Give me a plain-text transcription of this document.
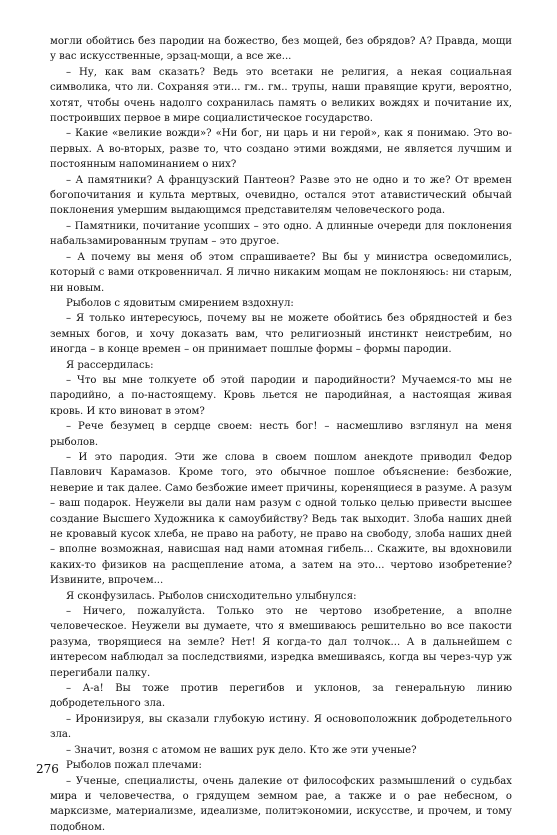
могли обойтись без пародии на божество, без мощей, без обрядов? А? Правда, мощи у вас искусственные, эрзац-мощи, а все же...

– Ну, как вам сказать? Ведь это всетаки не религия, а некая социальная символика, что ли. Сохраняя эти... гм.. гм.. трупы, наши правящие круги, вероятно, хотят, чтобы очень надолго сохранилась память о великих вождях и почитание их, построивших первое в мире социалистическое государство.

– Какие «великие вожди»? «Ни бог, ни царь и ни герой», как я понимаю. Это во-первых. А во-вторых, разве то, что создано этими вождями, не является лучшим и постоянным напоминанием о них?

– А памятники? А французский Пантеон? Разве это не одно и то же? От времен богопочитания и культа мертвых, очевидно, остался этот атавистический обычай поклонения умершим выдающимся представителям человеческого рода.

– Памятники, почитание усопших – это одно. А длинные очереди для поклонения набальзамированным трупам – это другое.

– А почему вы меня об этом спрашиваете? Вы бы у министра осведомились, который с вами откровенничал. Я лично никаким мощам не поклоняюсь: ни старым, ни новым.

Рыболов с ядовитым смирением вздохнул:

– Я только интересуюсь, почему вы не можете обойтись без обрядностей и без земных богов, и хочу доказать вам, что религиозный инстинкт неистребим, но иногда – в конце времен – он принимает пошлые формы – формы пародии.

Я рассердилась:

– Что вы мне толкуете об этой пародии и пародийности? Мучаемся-то мы не пародийно, а по-настоящему. Кровь льется не пародийная, а настоящая живая кровь. И кто виноват в этом?

– Рече безумец в сердце своем: несть бог! – насмешливо взглянул на меня рыболов.

– И это пародия. Эти же слова в своем пошлом анекдоте приводил Федор Павлович Карамазов. Кроме того, это обычное пошлое объяснение: безбожие, неверие и так далее. Само безбожие имеет причины, коренящиеся в разуме. А разум – ваш подарок. Неужели вы дали нам разум с одной только целью привести высшее создание Высшего Художника к самоубийству? Ведь так выходит. Злоба наших дней не кровавый кусок хлеба, не право на работу, не право на свободу, злоба наших дней – вполне возможная, нависшая над нами атомная гибель... Скажите, вы вдохновили каких-то физиков на расщепление атома, а затем на это... чертово изобретение? Извините, впрочем...

Я сконфузилась. Рыболов снисходительно улыбнулся:

– Ничего, пожалуйста. Только это не чертово изобретение, а вполне человеческое. Неужели вы думаете, что я вмешиваюсь решительно во все пакости разума, творящиеся на земле? Нет! Я когда-то дал толчок... А в дальнейшем с интересом наблюдал за последствиями, изредка вмешиваясь, когда вы через-чур уж перегибали палку.

– А-а! Вы тоже против перегибов и уклонов, за генеральную линию добродетельного зла.

– Иронизируя, вы сказали глубокую истину. Я основоположник добродетельного зла.

– Значит, возня с атомом не ваших рук дело. Кто же эти ученые?

Рыболов пожал плечами:

– Ученые, специалисты, очень далекие от философских размышлений о судьбах мира и человечества, о грядущем земном рае, а также и о рае небесном, о марксизме, материализме, идеализме, политэкономии, искусстве, и прочем, и тому подобном.

276
